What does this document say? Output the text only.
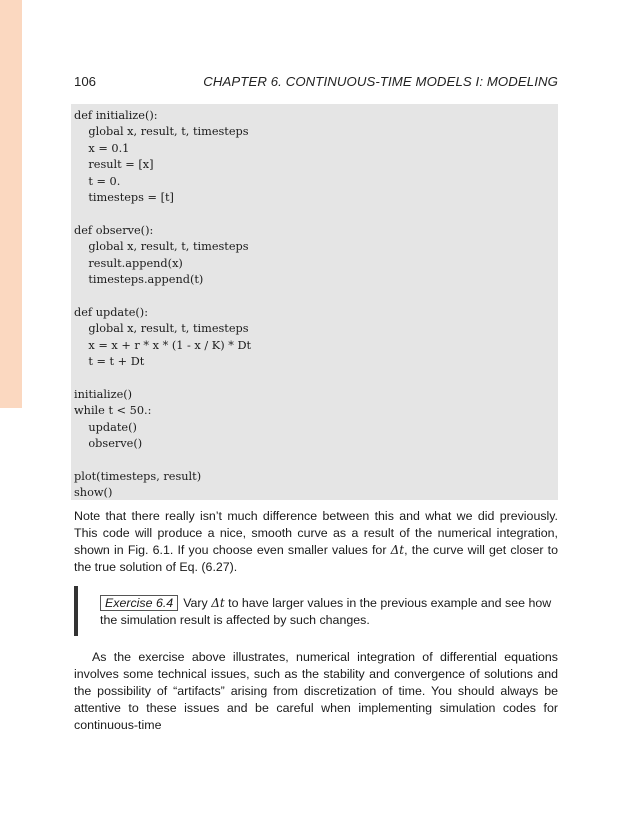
106	CHAPTER 6. CONTINUOUS-TIME MODELS I: MODELING
def initialize():
global x, result, t, timesteps
x = 0.1
result = [x]
t = 0.
timesteps = [t]

def observe():
global x, result, t, timesteps
result.append(x)
timesteps.append(t)

def update():
global x, result, t, timesteps
x = x + r * x * (1 - x / K) * Dt
t = t + Dt

initialize()
while t < 50.:
update()
observe()

plot(timesteps, result)
show()

Note that there really isn’t much difference between this and what we did previously. This code will produce a nice, smooth curve as a result of the numerical integration, shown in Fig. 6.1. If you choose even smaller values for Δt, the curve will get closer to the true solution of Eq. (6.27).

Exercise 6.4 Vary Δt to have larger values in the previous example and see how the simulation result is affected by such changes.

As the exercise above illustrates, numerical integration of differential equations involves some technical issues, such as the stability and convergence of solutions and the possibility of “artifacts” arising from discretization of time. You should always be attentive to these issues and be careful when implementing simulation codes for continuous-time
